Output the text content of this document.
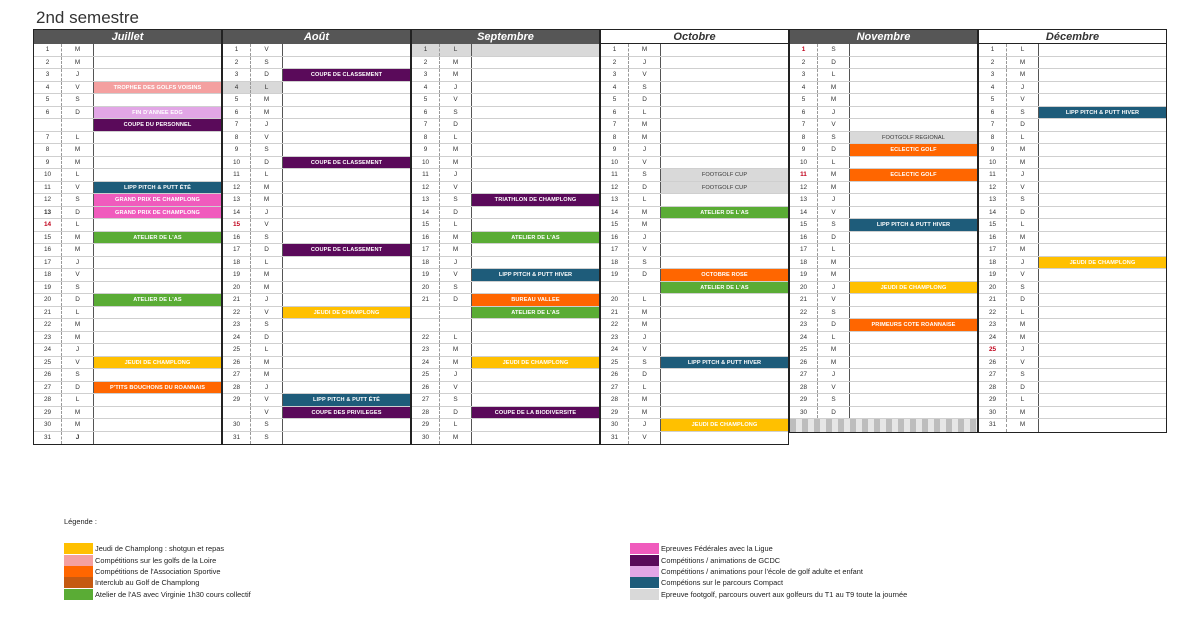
2nd semestre
Juillet
1	M
2	M
3	J
4	V	TROPHEE DES GOLFS VOISINS
5	S
6	D	FIN D'ANNEE EDG
COUPE DU PERSONNEL
7	L
8	M
9	M
10	L
11	V	LIPP PITCH & PUTT ÉTÉ
12	S	GRAND PRIX DE CHAMPLONG
13	D	GRAND PRIX DE CHAMPLONG
14	L
15	M	ATELIER DE L'AS
16	M
17	J
18	V
19	S
20	D	ATELIER DE L'AS
21	L
22	M
23	M
24	J
25	V	JEUDI DE CHAMPLONG
26	S
27	D	P'TITS BOUCHONS DU ROANNAIS
28	L
29	M
30	M
31	J
Août
1	V
2	S
3	D	COUPE DE CLASSEMENT
4	L
5	M
6	M
7	J
8	V
9	S
10	D	COUPE DE CLASSEMENT
11	L
12	M
13	M
14	J
15	V
16	S
17	D	COUPE DE CLASSEMENT
18	L
19	M
20	M
21	J
22	V	JEUDI DE CHAMPLONG
23	S
24	D
25	L
26	M
27	M
28	J
29	V	LIPP PITCH & PUTT ÉTÉ
V	COUPE DES PRIVILEGES
30	S
31	S
Septembre
1	L
2	M
3	M
4	J
5	V
6	S
7	D
8	L
9	M
10	M
11	J
12	V
13	S	TRIATHLON DE CHAMPLONG
14	D
15	L
16	M	ATELIER DE L'AS
17	M
18	J
19	V	LIPP PITCH & PUTT HIVER
20	S
21	D	BUREAU VALLEE
ATELIER DE L'AS
22	L
23	M
24	M	JEUDI DE CHAMPLONG
25	J
26	V
27	S
28	D	COUPE DE LA BIODIVERSITE
29	L
30	M
Octobre
1	M
2	J
3	V
4	S
5	D
6	L
7	M
8	M
9	J
10	V
11	S	FOOTGOLF CUP
12	D	FOOTGOLF CUP
13	L
14	M	ATELIER DE L'AS
15	M
16	J
17	V
18	S
19	D	OCTOBRE ROSE
ATELIER DE L'AS
20	L
21	M
22	M
23	J
24	V
25	S	LIPP PITCH & PUTT HIVER
26	D
27	L
28	M
29	M
30	J	JEUDI DE CHAMPLONG
31	V
Novembre
1	S
2	D
3	L
4	M
5	M
6	J
7	V
8	S	FOOTGOLF REGIONAL
9	D	ECLECTIC GOLF
10	L
11	M	ECLECTIC GOLF
12	M
13	J
14	V
15	S	LIPP PITCH & PUTT HIVER
16	D
17	L
18	M
19	M
20	J	JEUDI DE CHAMPLONG
21	V
22	S
23	D	PRIMEURS COTE ROANNAISE
24	L
25	M
26	M
27	J
28	V
29	S
30	D
Décembre
1	L
2	M
3	M
4	J
5	V
6	S	LIPP PITCH & PUTT HIVER
7	D
8	L
9	M
10	M
11	J
12	V
13	S
14	D
15	L
16	M
17	M
18	J	JEUDI DE CHAMPLONG
19	V
20	S
21	D
22	L
23	M
24	M
25	J
26	V
27	S
28	D
29	L
30	M
31	M
Légende :
Jeudi de Champlong : shotgun et repas
Compétitions sur les golfs de la Loire
Compétitions de l'Association Sportive
Interclub au Golf de Champlong
Atelier de l'AS avec Virginie 1h30 cours collectif
Epreuves Fédérales avec la Ligue
Compétitions / animations de GCDC
Compétitions / animations pour l'école de golf adulte et enfant
Compétions sur le parcours Compact
Epreuve footgolf, parcours ouvert aux golfeurs du T1 au T9 toute la journée
